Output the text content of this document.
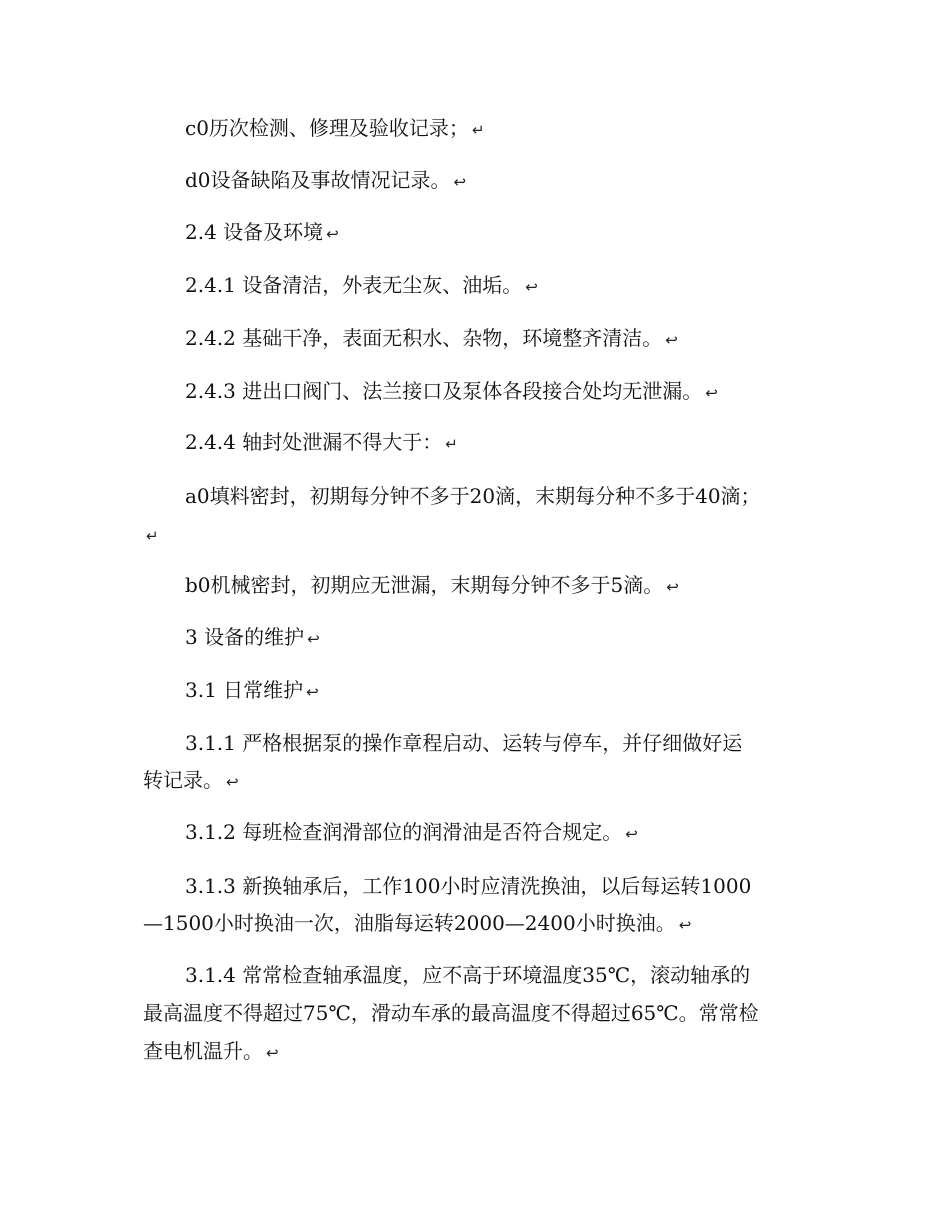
c0历次检测、修理及验收记录； ↵
d0设备缺陷及事故情况记录。 ↩
2.4 设备及环境 ↩
2.4.1 设备清洁，外表无尘灰、油垢。 ↩
2.4.2 基础干净，表面无积水、杂物，环境整齐清洁。 ↩
2.4.3 进出口阀门、法兰接口及泵体各段接合处均无泄漏。 ↩
2.4.4 轴封处泄漏不得大于： ↵
a0填料密封，初期每分钟不多于20滴，末期每分种不多于40滴；
↵
b0机械密封，初期应无泄漏，末期每分钟不多于5滴。 ↩
3 设备的维护 ↩
3.1 日常维护 ↩
3.1.1 严格根据泵的操作章程启动、运转与停车，并仔细做好运
转记录。 ↩
3.1.2 每班检查润滑部位的润滑油是否符合规定。 ↩
3.1.3 新换轴承后，工作100小时应清洗换油，以后每运转1000
—1500小时换油一次，油脂每运转2000—2400小时换油。 ↩
3.1.4 常常检查轴承温度，应不高于环境温度35℃，滚动轴承的
最高温度不得超过75℃，滑动车承的最高温度不得超过65℃。常常检
查电机温升。 ↩
